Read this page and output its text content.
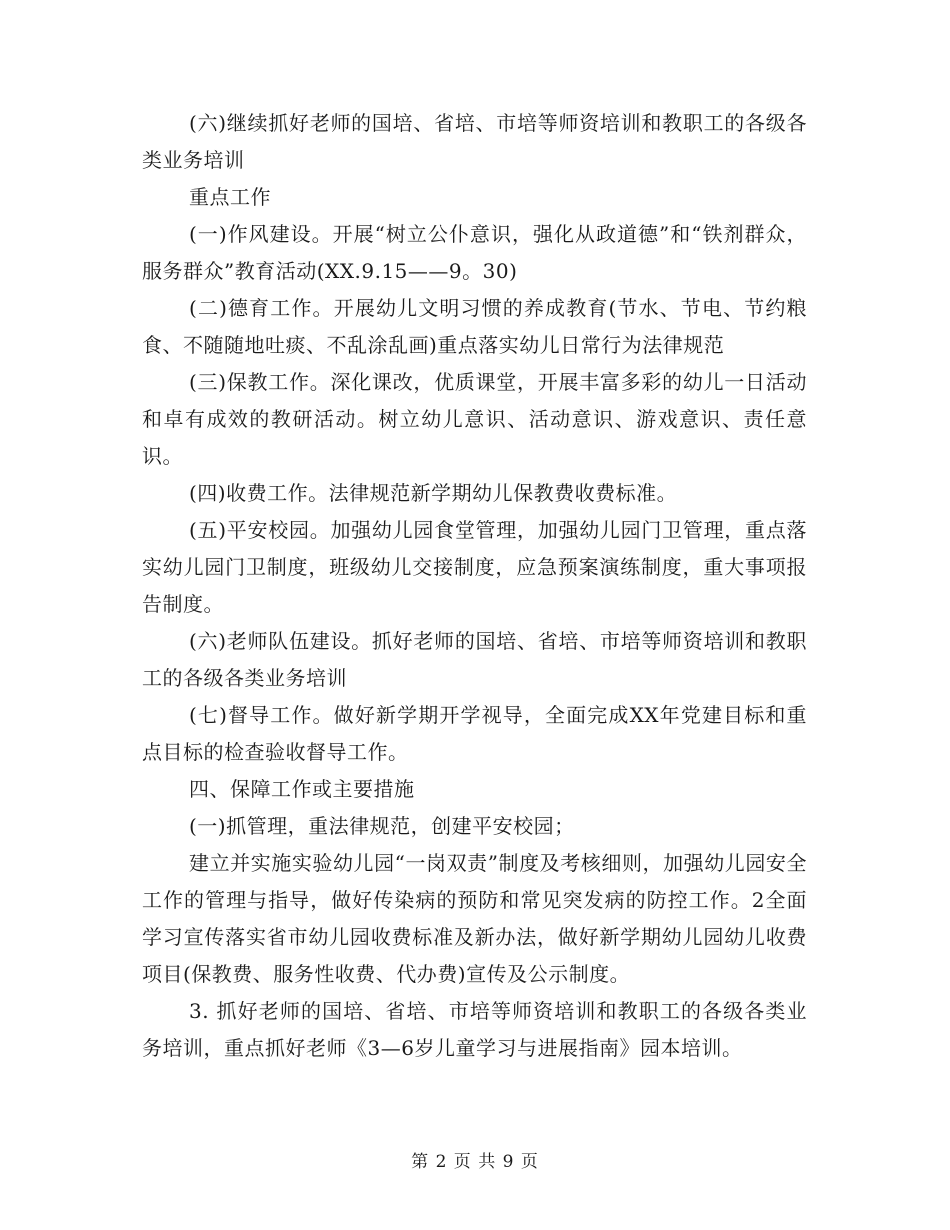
(六)继续抓好老师的国培、省培、市培等师资培训和教职工的各级各类业务培训

重点工作

(一)作风建设。开展“树立公仆意识，强化从政道德”和“铁剂群众，服务群众”教育活动(XX.9.15——9。30)

(二)德育工作。开展幼儿文明习惯的养成教育(节水、节电、节约粮食、不随随地吐痰、不乱涂乱画)重点落实幼儿日常行为法律规范

(三)保教工作。深化课改，优质课堂，开展丰富多彩的幼儿一日活动和卓有成效的教研活动。树立幼儿意识、活动意识、游戏意识、责任意识。

(四)收费工作。法律规范新学期幼儿保教费收费标准。

(五)平安校园。加强幼儿园食堂管理，加强幼儿园门卫管理，重点落实幼儿园门卫制度，班级幼儿交接制度，应急预案演练制度，重大事项报告制度。

(六)老师队伍建设。抓好老师的国培、省培、市培等师资培训和教职工的各级各类业务培训

(七)督导工作。做好新学期开学视导，全面完成XX年党建目标和重点目标的检查验收督导工作。

四、保障工作或主要措施

(一)抓管理，重法律规范，创建平安校园；

建立并实施实验幼儿园“一岗双责”制度及考核细则，加强幼儿园安全工作的管理与指导，做好传染病的预防和常见突发病的防控工作。2全面学习宣传落实省市幼儿园收费标准及新办法，做好新学期幼儿园幼儿收费项目(保教费、服务性收费、代办费)宣传及公示制度。

3. 抓好老师的国培、省培、市培等师资培训和教职工的各级各类业务培训，重点抓好老师《3—6岁儿童学习与进展指南》园本培训。

第 2 页 共 9 页
